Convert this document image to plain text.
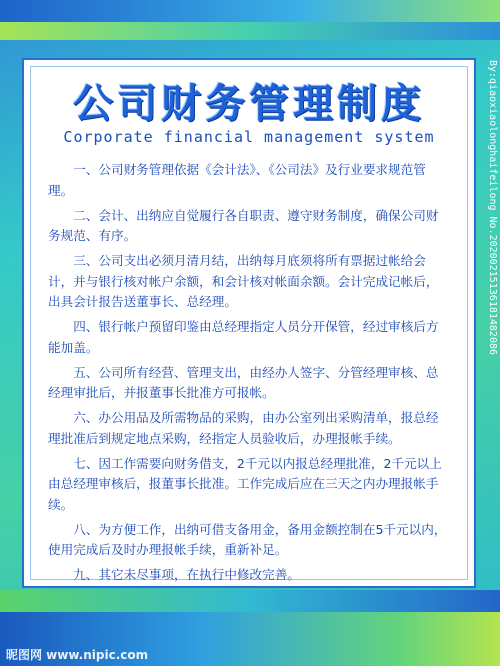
公司财务管理制度
Corporate financial management system

一、公司财务管理依据《会计法》、《公司法》及行业要求规范管理。

二、会计、出纳应自觉履行各自职责、遵守财务制度，确保公司财务规范、有序。

三、公司支出必须月清月结，出纳每月底须将所有票据过帐给会计，并与银行核对帐户余额，和会计核对帐面余额。会计完成记帐后，出具会计报告送董事长、总经理。

四、银行帐户预留印鉴由总经理指定人员分开保管，经过审核后方能加盖。

五、公司所有经营、管理支出，由经办人签字、分管经理审核、总经理审批后，并报董事长批准方可报帐。

六、办公用品及所需物品的采购，由办公室列出采购清单，报总经理批准后到规定地点采购，经指定人员验收后，办理报帐手续。

七、因工作需要向财务借支，2千元以内报总经理批准，2千元以上由总经理审核后，报董事长批准。工作完成后应在三天之内办理报帐手续。

八、为方便工作，出纳可借支备用金，备用金额控制在5千元以内，使用完成后及时办理报帐手续，重新补足。

九、其它未尽事项，在执行中修改完善。

By:qiaoxiaolonghaifeilong No.20200215136181482086
昵图网 www.nipic.com
